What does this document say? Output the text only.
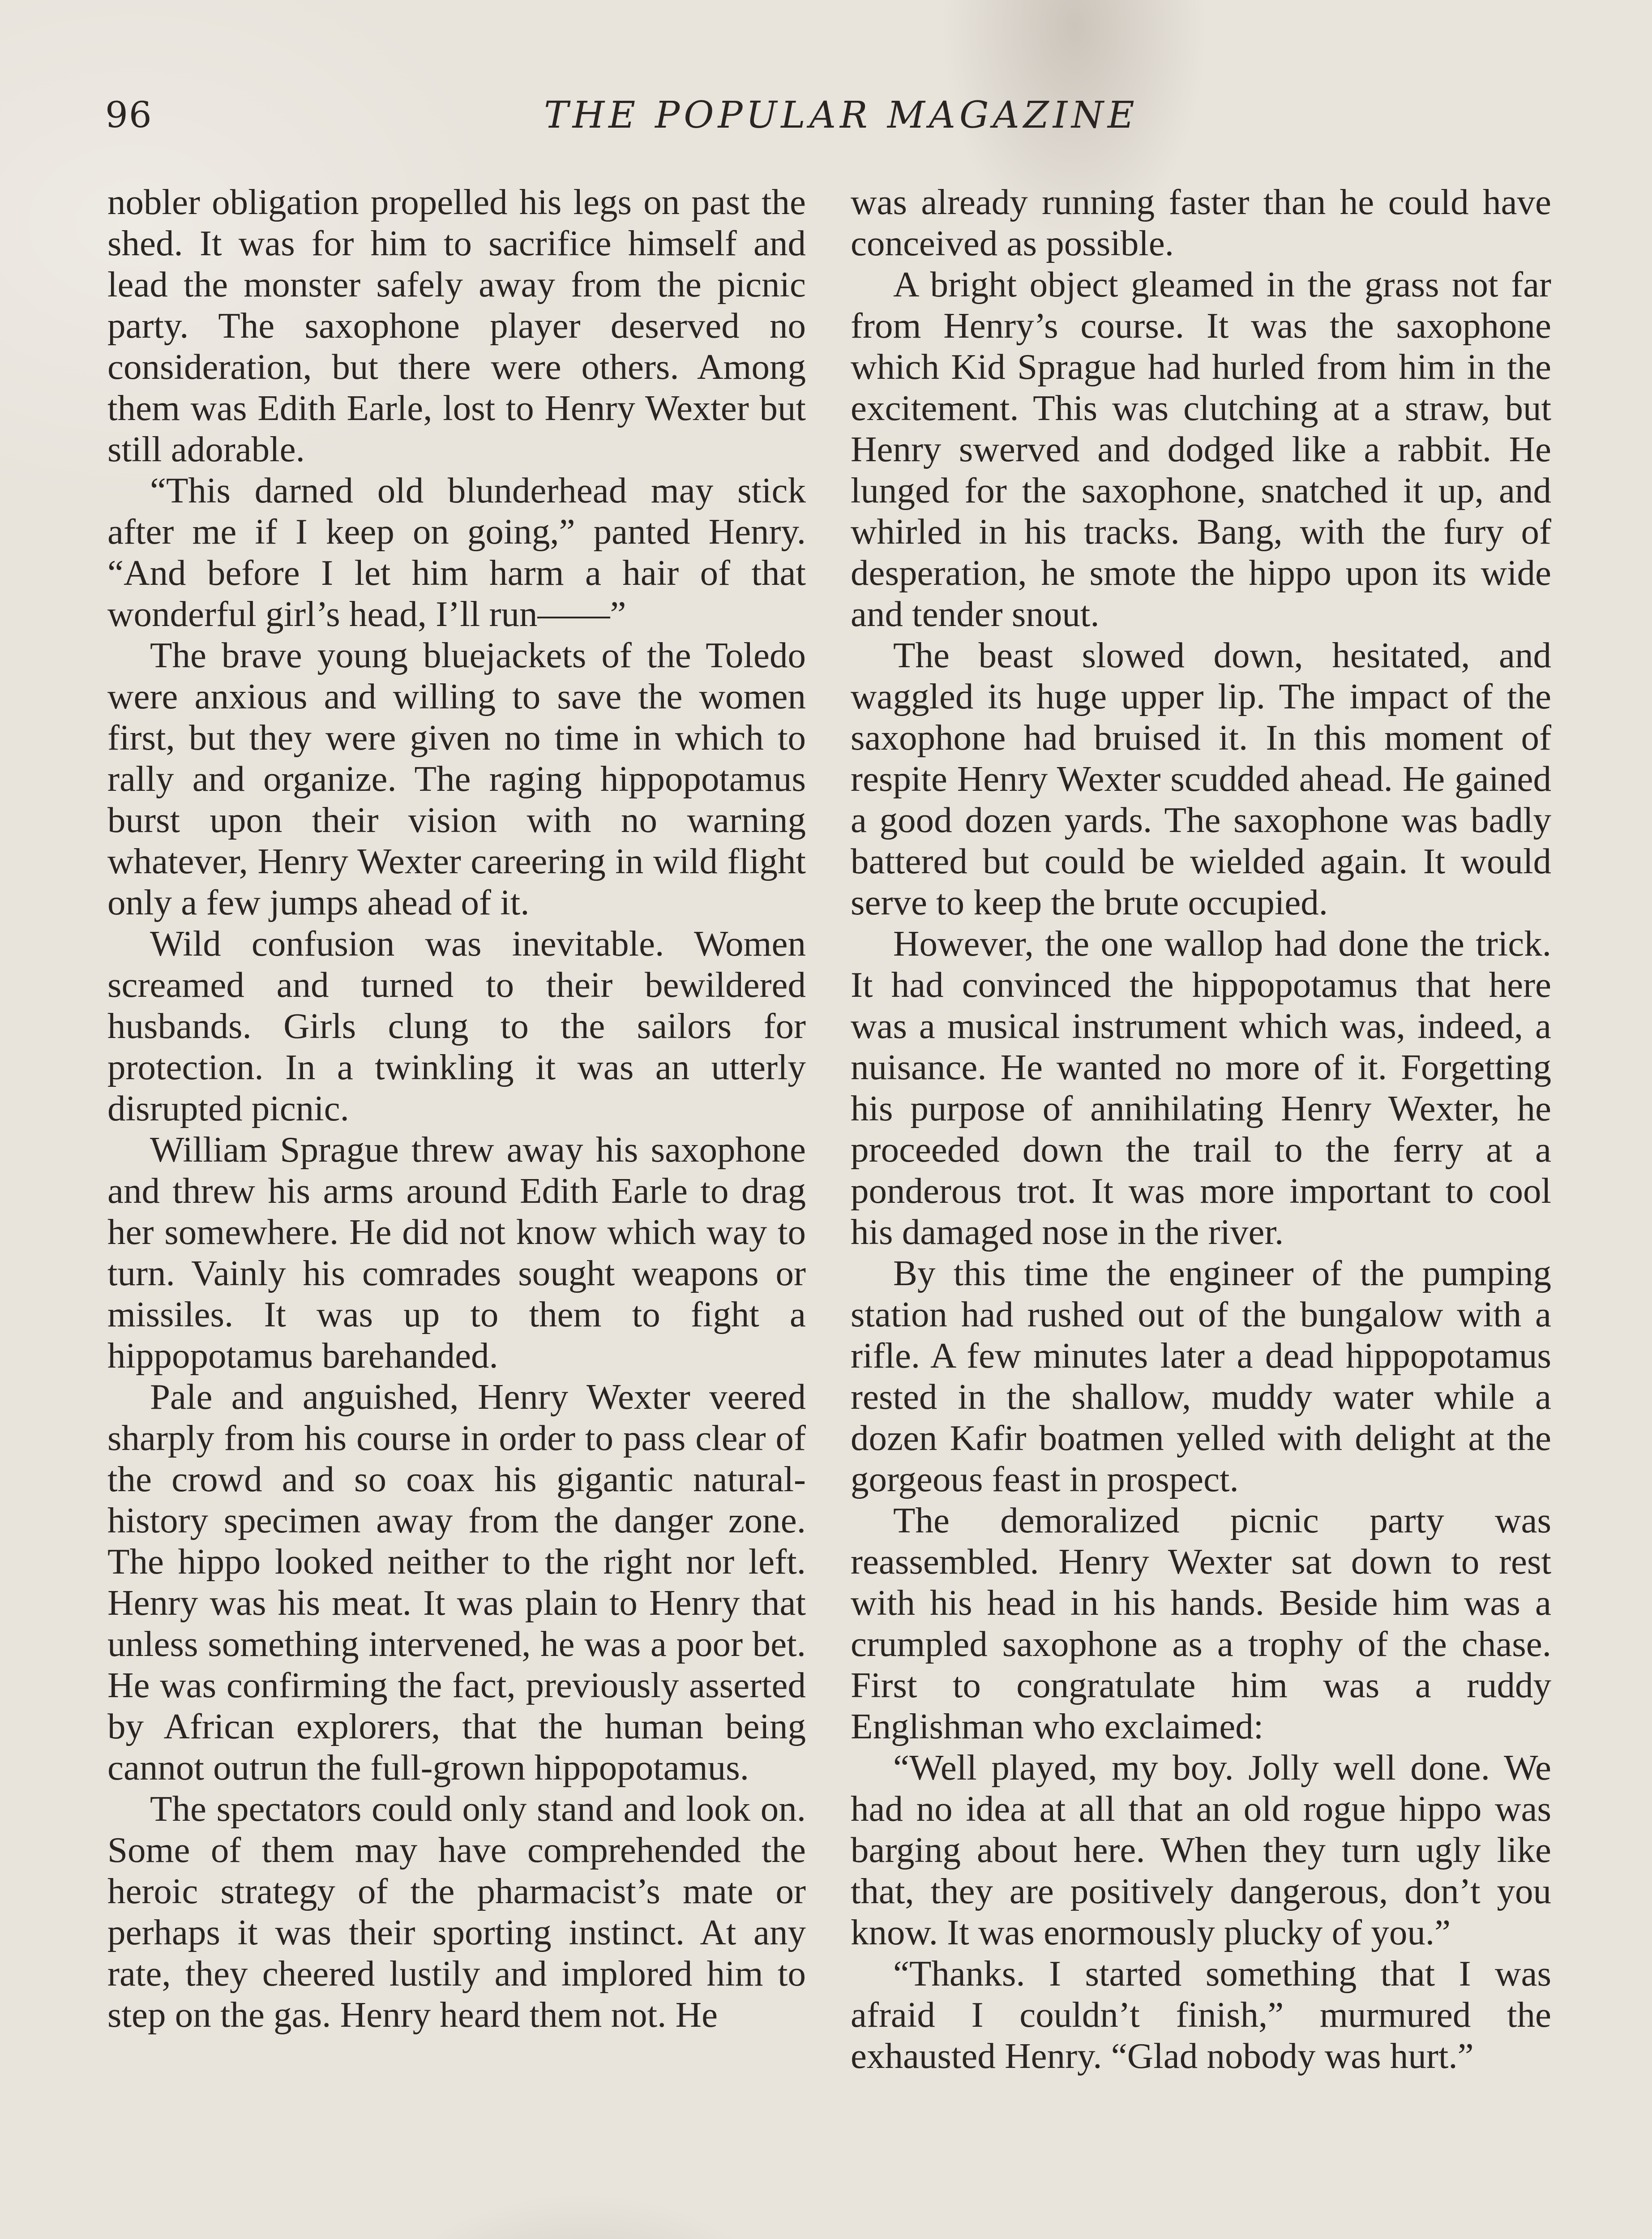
96	THE POPULAR MAGAZINE

nobler obligation propelled his legs on past the shed. It was for him to sacrifice himself and lead the monster safely away from the picnic party. The saxophone player deserved no consideration, but there were others. Among them was Edith Earle, lost to Henry Wexter but still adorable.

“This darned old blunderhead may stick after me if I keep on going,” panted Henry. “And before I let him harm a hair of that wonderful girl’s head, I’ll run——”

The brave young bluejackets of the Toledo were anxious and willing to save the women first, but they were given no time in which to rally and organize. The raging hippopotamus burst upon their vision with no warning whatever, Henry Wexter careering in wild flight only a few jumps ahead of it.

Wild confusion was inevitable. Women screamed and turned to their bewildered husbands. Girls clung to the sailors for protection. In a twinkling it was an utterly disrupted picnic.

William Sprague threw away his saxophone and threw his arms around Edith Earle to drag her somewhere. He did not know which way to turn. Vainly his comrades sought weapons or missiles. It was up to them to fight a hippopotamus barehanded.

Pale and anguished, Henry Wexter veered sharply from his course in order to pass clear of the crowd and so coax his gigantic natural-history specimen away from the danger zone. The hippo looked neither to the right nor left. Henry was his meat. It was plain to Henry that unless something intervened, he was a poor bet. He was confirming the fact, previously asserted by African explorers, that the human being cannot outrun the full-grown hippopotamus.

The spectators could only stand and look on. Some of them may have comprehended the heroic strategy of the pharmacist’s mate or perhaps it was their sporting instinct. At any rate, they cheered lustily and implored him to step on the gas. Henry heard them not. He

was already running faster than he could have conceived as possible.

A bright object gleamed in the grass not far from Henry’s course. It was the saxophone which Kid Sprague had hurled from him in the excitement. This was clutching at a straw, but Henry swerved and dodged like a rabbit. He lunged for the saxophone, snatched it up, and whirled in his tracks. Bang, with the fury of desperation, he smote the hippo upon its wide and tender snout.

The beast slowed down, hesitated, and waggled its huge upper lip. The impact of the saxophone had bruised it. In this moment of respite Henry Wexter scudded ahead. He gained a good dozen yards. The saxophone was badly battered but could be wielded again. It would serve to keep the brute occupied.

However, the one wallop had done the trick. It had convinced the hippopotamus that here was a musical instrument which was, indeed, a nuisance. He wanted no more of it. Forgetting his purpose of annihilating Henry Wexter, he proceeded down the trail to the ferry at a ponderous trot. It was more important to cool his damaged nose in the river.

By this time the engineer of the pumping station had rushed out of the bungalow with a rifle. A few minutes later a dead hippopotamus rested in the shallow, muddy water while a dozen Kafir boatmen yelled with delight at the gorgeous feast in prospect.

The demoralized picnic party was reassembled. Henry Wexter sat down to rest with his head in his hands. Beside him was a crumpled saxophone as a trophy of the chase. First to congratulate him was a ruddy Englishman who exclaimed:

“Well played, my boy. Jolly well done. We had no idea at all that an old rogue hippo was barging about here. When they turn ugly like that, they are positively dangerous, don’t you know. It was enormously plucky of you.”

“Thanks. I started something that I was afraid I couldn’t finish,” murmured the exhausted Henry. “Glad nobody was hurt.”
